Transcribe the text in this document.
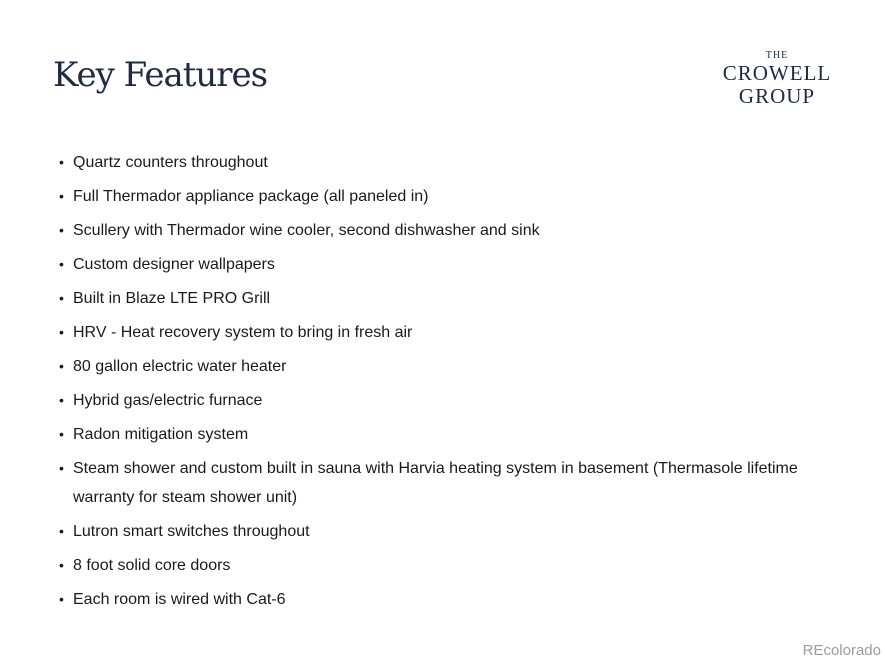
Key Features	THE
CROWELL
GROUP
• Quartz counters throughout
• Full Thermador appliance package (all paneled in)
• Scullery with Thermador wine cooler, second dishwasher and sink
• Custom designer wallpapers
• Built in Blaze LTE PRO Grill
• HRV - Heat recovery system to bring in fresh air
• 80 gallon electric water heater
• Hybrid gas/electric furnace
• Radon mitigation system
• Steam shower and custom built in sauna with Harvia heating system in basement (Thermasole lifetime warranty for steam shower unit)
• Lutron smart switches throughout
• 8 foot solid core doors
• Each room is wired with Cat-6
REcolorado
